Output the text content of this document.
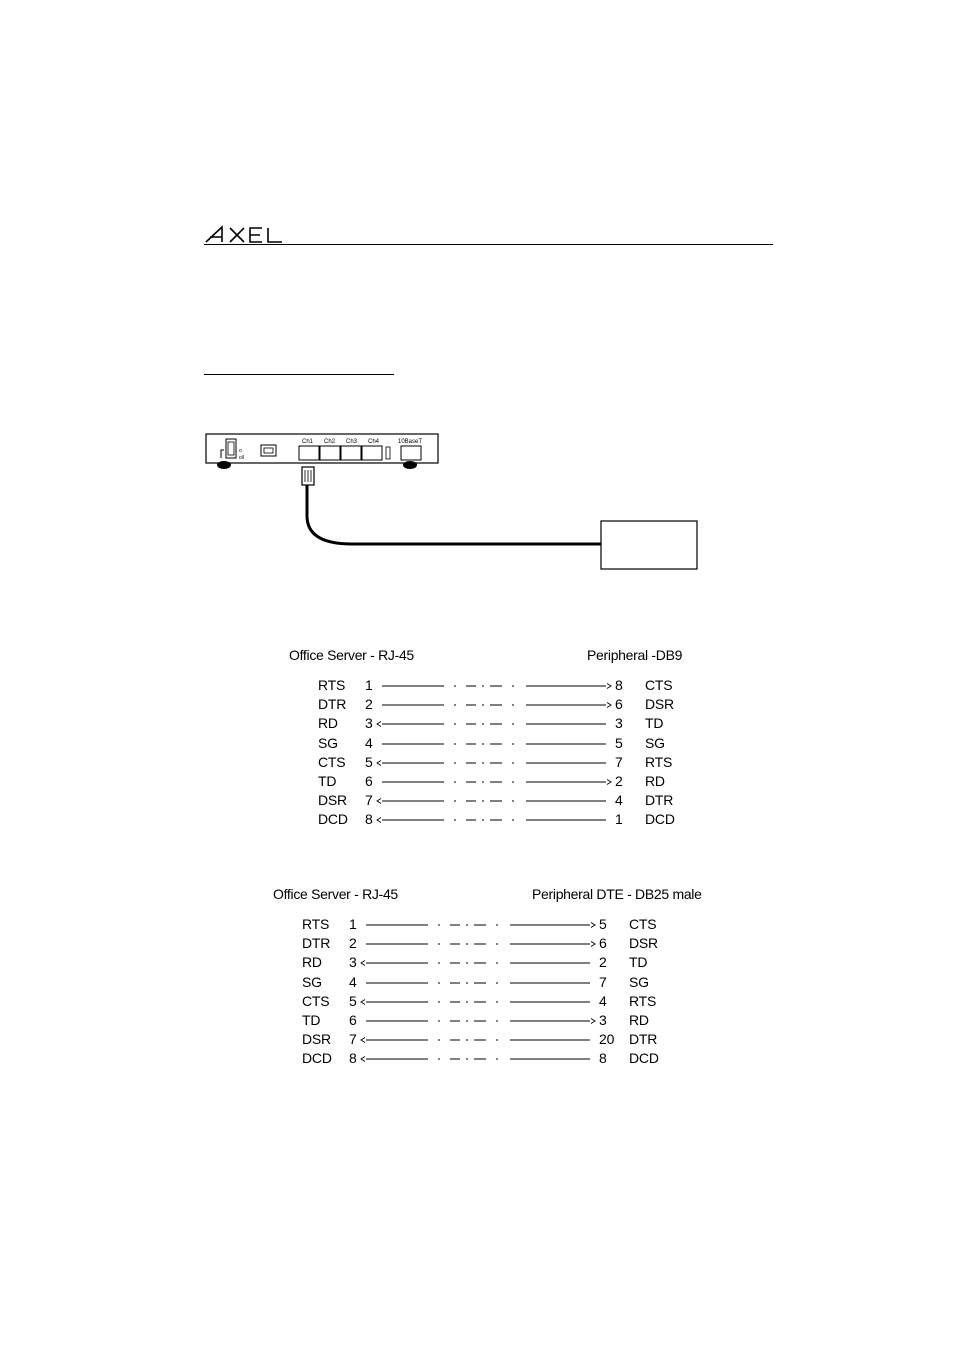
o
o/I
Ch1 Ch2 Ch3 Ch4	10BaseT
Office Server - RJ-45	Peripheral -DB9
RTS 1	8 CTS
DTR 2	6 DSR
RD 3	3 TD
SG 4	5 SG
CTS 5	7 RTS
TD 6	2 RD
DSR 7	4 DTR
DCD 8	1 DCD
Office Server - RJ-45	Peripheral DTE - DB25 male
RTS 1	5 CTS
DTR 2	6 DSR
RD 3	2 TD
SG 4	7 SG
CTS 5	4 RTS
TD 6	3 RD
DSR 7	20 DTR
DCD 8	8 DCD
